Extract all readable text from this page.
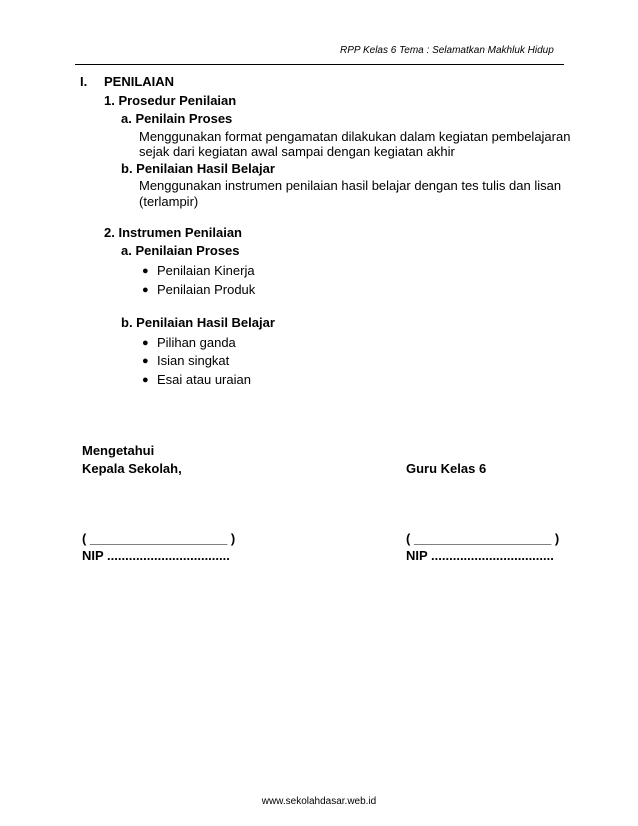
RPP Kelas 6 Tema : Selamatkan Makhluk Hidup
I. PENILAIAN
1. Prosedur Penilaian
a. Penilain Proses
Menggunakan format pengamatan dilakukan dalam kegiatan pembelajaran
sejak dari kegiatan awal sampai dengan kegiatan akhir
b. Penilaian Hasil Belajar
Menggunakan instrumen penilaian hasil belajar dengan tes tulis dan lisan
(terlampir)
2. Instrumen Penilaian
a. Penilaian Proses
● Penilaian Kinerja
● Penilaian Produk
b. Penilaian Hasil Belajar
● Pilihan ganda
● Isian singkat
● Esai atau uraian
Mengetahui
Kepala Sekolah,	Guru Kelas 6
( ___________________ )	( ___________________ )
NIP ..................................	NIP ..................................
www.sekolahdasar.web.id
